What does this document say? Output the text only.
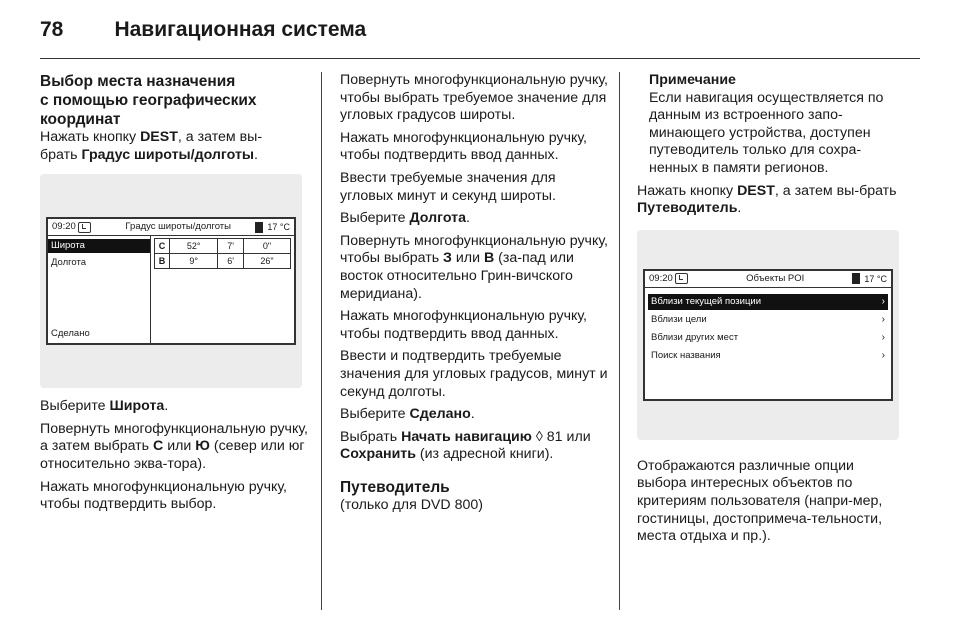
78 Навигационная система
Выбор места назначения
с помощью географических
координат

Нажать кнопку DEST, а затем вы-
брать Градус широты/долготы.

09:20	Градус широты/долготы	17 °C
Широта
Долгота
Сделано
С	52°	7'	0"
В	9°	6'	26"

Выберите Широта.

Повернуть многофункциональную ручку, а затем выбрать С или Ю (север или юг относительно эква-тора).

Нажать многофункциональную ручку, чтобы подтвердить выбор.

Повернуть многофункциональную ручку, чтобы выбрать требуемое значение для угловых градусов широты.

Нажать многофункциональную ручку, чтобы подтвердить ввод данных.

Ввести требуемые значения для угловых минут и секунд широты.

Выберите Долгота.

Повернуть многофункциональную ручку, чтобы выбрать З или В (за-пад или восток относительно Грин-вичского меридиана).

Нажать многофункциональную ручку, чтобы подтвердить ввод данных.

Ввести и подтвердить требуемые значения для угловых градусов, минут и секунд долготы.

Выберите Сделано.

Выбрать Начать навигацию ◊ 81 или Сохранить (из адресной книги).

Путеводитель

(только для DVD 800)

Примечание

Если навигация осуществляется по данным из встроенного запо-минающего устройства, доступен путеводитель только для сохра-ненных в памяти регионов.

Нажать кнопку DEST, а затем вы-брать Путеводитель.

09:20	Объекты POI	17 °C
Вблизи текущей позиции	›
Вблизи цели	›
Вблизи других мест	›
Поиск названия	›

Отображаются различные опции выбора интересных объектов по критериям пользователя (напри-мер, гостиницы, достопримеча-тельности, места отдыха и пр.).
